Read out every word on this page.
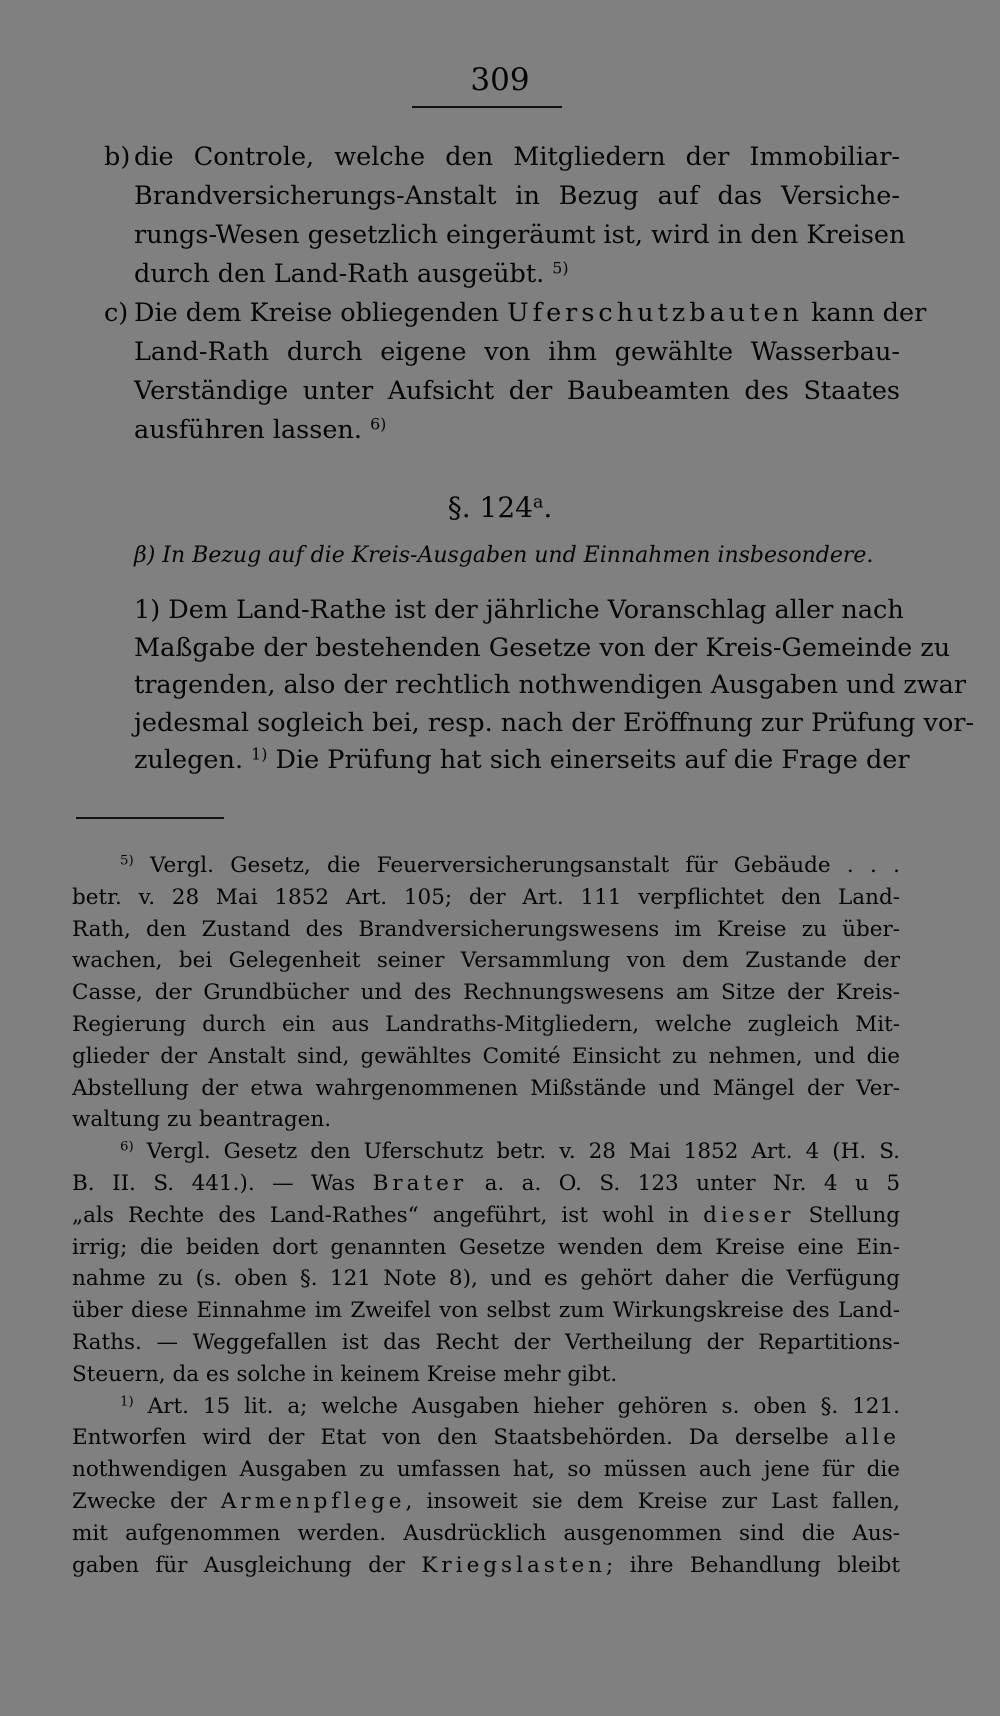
309
b) die Controle, welche den Mitgliedern der Immobiliar-
Brandversicherungs-Anstalt in Bezug auf das Versiche-
rungs-Wesen gesetzlich eingeräumt ist, wird in den Kreisen
durch den Land-Rath ausgeübt. $^{5)}$
c) Die dem Kreise obliegenden Uferschutzbauten kann der
Land-Rath durch eigene von ihm gewählte Wasserbau-
Verständige unter Aufsicht der Baubeamten des Staates
ausführen lassen. $^{6)}$
§. 124$^a$.
β) In Bezug auf die Kreis-Ausgaben und Einnahmen insbesondere.
1) Dem Land-Rathe ist der jährliche Voranschlag aller nach
Maßgabe der bestehenden Gesetze von der Kreis-Gemeinde zu
tragenden, also der rechtlich nothwendigen Ausgaben und zwar
jedesmal sogleich bei, resp. nach der Eröffnung zur Prüfung vor-
zulegen. $^{1)}$ Die Prüfung hat sich einerseits auf die Frage der
$^{5)}$ Vergl. Gesetz, die Feuerversicherungsanstalt für Gebäude . . .
betr. v. 28 Mai 1852 Art. 105; der Art. 111 verpflichtet den Land-
Rath, den Zustand des Brandversicherungswesens im Kreise zu über-
wachen, bei Gelegenheit seiner Versammlung von dem Zustande der
Casse, der Grundbücher und des Rechnungswesens am Sitze der Kreis-
Regierung durch ein aus Landraths-Mitgliedern, welche zugleich Mit-
glieder der Anstalt sind, gewähltes Comité Einsicht zu nehmen, und die
Abstellung der etwa wahrgenommenen Mißstände und Mängel der Ver-
waltung zu beantragen.
$^{6)}$ Vergl. Gesetz den Uferschutz betr. v. 28 Mai 1852 Art. 4 (H. S.
B. II. S. 441.). — Was Brater a. a. O. S. 123 unter Nr. 4 u 5
„als Rechte des Land-Rathes“ angeführt, ist wohl in dieser Stellung
irrig; die beiden dort genannten Gesetze wenden dem Kreise eine Ein-
nahme zu (s. oben §. 121 Note 8), und es gehört daher die Verfügung
über diese Einnahme im Zweifel von selbst zum Wirkungskreise des Land-
Raths. — Weggefallen ist das Recht der Vertheilung der Repartitions-
Steuern, da es solche in keinem Kreise mehr gibt.
$^{1)}$ Art. 15 lit. a; welche Ausgaben hieher gehören s. oben §. 121.
Entworfen wird der Etat von den Staatsbehörden. Da derselbe alle
nothwendigen Ausgaben zu umfassen hat, so müssen auch jene für die
Zwecke der Armenpflege, insoweit sie dem Kreise zur Last fallen,
mit aufgenommen werden. Ausdrücklich ausgenommen sind die Aus-
gaben für Ausgleichung der Kriegslasten; ihre Behandlung bleibt
